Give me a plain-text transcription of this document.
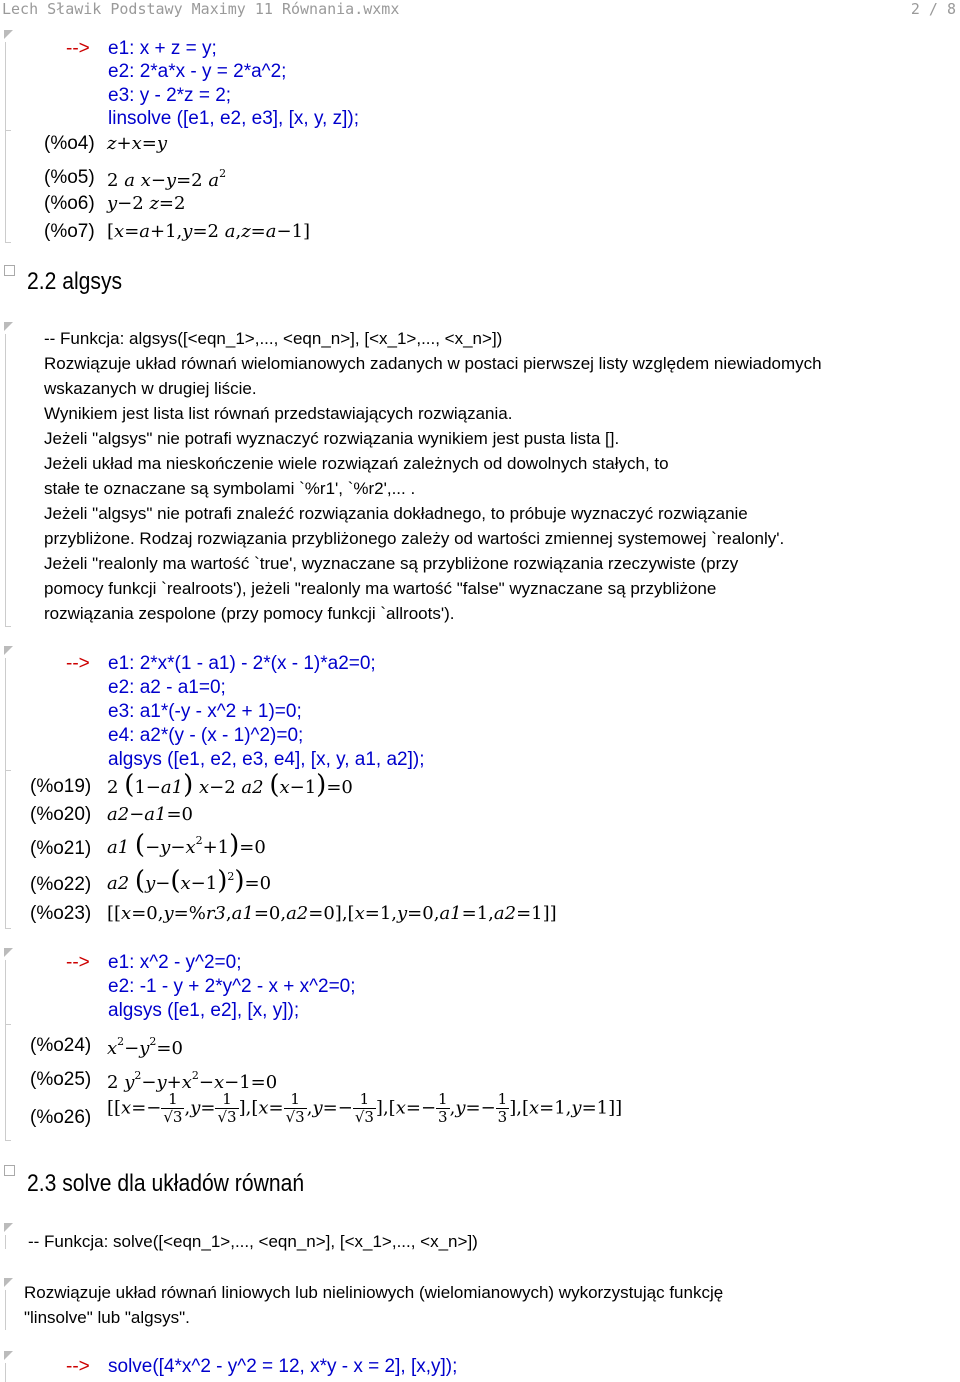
Lech Sławik Podstawy Maximy 11 Równania.wxmx	2 / 8
--> e1: x + z = y;
e2: 2*a*x - y = 2*a^2;
e3: y - 2*z = 2;
linsolve ([e1, e2, e3], [x, y, z]);
(%o4) z+x=y
(%o5) 2 a x−y=2 $a^2$
(%o6) y−2 z=2
(%o7) [x=a+1,y=2 a,z=a−1]
2.2 algsys
-- Funkcja: algsys([<eqn_1>,..., <eqn_n>], [<x_1>,..., <x_n>])
Rozwiązuje układ równań wielomianowych zadanych w postaci pierwszej listy względem niewiadomych
wskazanych w drugiej liście.
Wynikiem jest lista list równań przedstawiających rozwiązania.
Jeżeli "algsys" nie potrafi wyznaczyć rozwiązania wynikiem jest pusta lista [].
Jeżeli układ ma nieskończenie wiele rozwiązań zależnych od dowolnych stałych, to
stałe te oznaczane są symbolami `%r1', `%r2',... .
Jeżeli "algsys" nie potrafi znaleźć rozwiązania dokładnego, to próbuje wyznaczyć rozwiązanie
przybliżone. Rodzaj rozwiązania przybliżonego zależy od wartości zmiennej systemowej `realonly'.
Jeżeli "realonly ma wartość `true', wyznaczane są przybliżone rozwiązania rzeczywiste (przy
pomocy funkcji `realroots'), jeżeli "realonly ma wartość "false" wyznaczane są przybliżone
rozwiązania zespolone (przy pomocy funkcji `allroots').
--> e1: 2*x*(1 - a1) - 2*(x - 1)*a2=0;
e2: a2 - a1=0;
e3: a1*(-y - x^2 + 1)=0;
e4: a2*(y - (x - 1)^2)=0;
algsys ([e1, e2, e3, e4], [x, y, a1, a2]);
(%o19) 2 (1−a1) x−2 a2 (x−1)=0
(%o20) a2−a1=0
(%o21) a1 $(-y-x^2+1)=0$
(%o22) a2 $(y-(x-1)^2)=0$
(%o23) [[x=0,y=%r3,a1=0,a2=0],[x=1,y=0,a1=1,a2=1]]
--> e1: x^2 - y^2=0;
e2: -1 - y + 2*y^2 - x + x^2=0;
algsys ([e1, e2], [x, y]);
(%o24) $x^2-y^2=0$
(%o25) 2 $y^2-y+x^2-x-1=0$
(%o26) $[[x=- \frac{1}{√3} ,y= \frac{1}{√3} ],[x= \frac{1}{√3} ,y=- \frac{1}{√3} ],[x=- \frac{1}{3} ,y=- \frac{1}{3} ],[x=1,y=1]]$
2.3 solve dla układów równań
-- Funkcja: solve([<eqn_1>,..., <eqn_n>], [<x_1>,..., <x_n>])
Rozwiązuje układ równań liniowych lub nieliniowych (wielomianowych) wykorzystując funkcję
"linsolve" lub "algsys".
--> solve([4*x^2 - y^2 = 12, x*y - x = 2], [x,y]);
